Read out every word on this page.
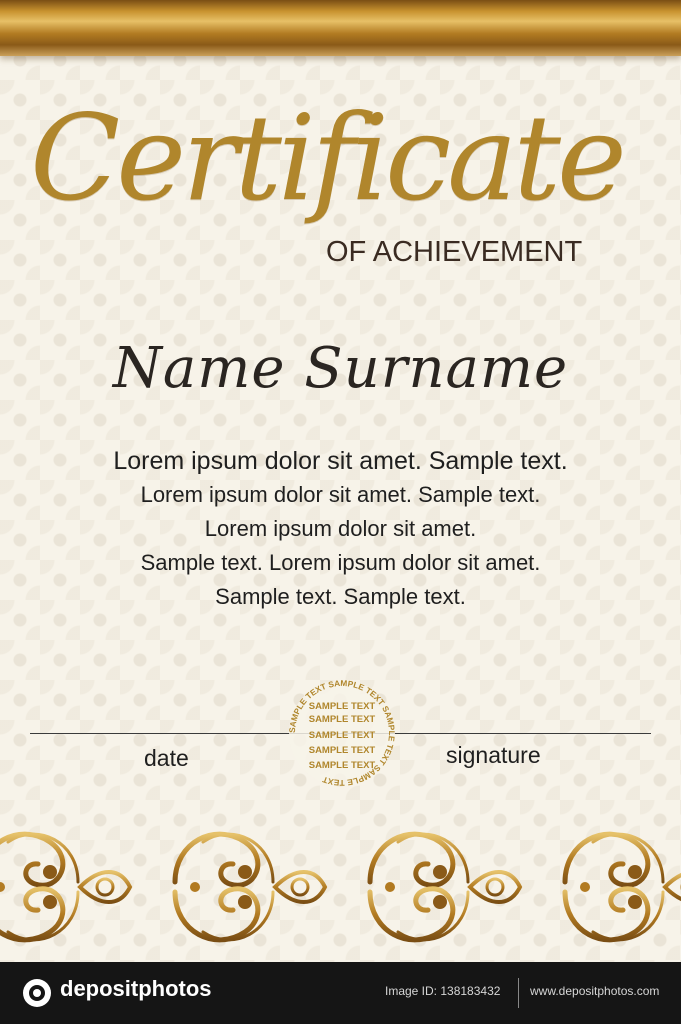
Certificate
OF ACHIEVEMENT
Name Surname
Lorem ipsum dolor sit amet. Sample text.
Lorem ipsum dolor sit amet. Sample text.
Lorem ipsum dolor sit amet.
Sample text. Lorem ipsum dolor sit amet.
Sample text. Sample text.
date	signature
SAMPLE TEXT SAMPLE TEXT SAMPLE TEXT SAMPLE TEXT
SAMPLE TEXT
SAMPLE TEXT
SAMPLE TEXT
SAMPLE TEXT
SAMPLE TEXT
depositphotos	Image ID: 138183432 www.depositphotos.com
